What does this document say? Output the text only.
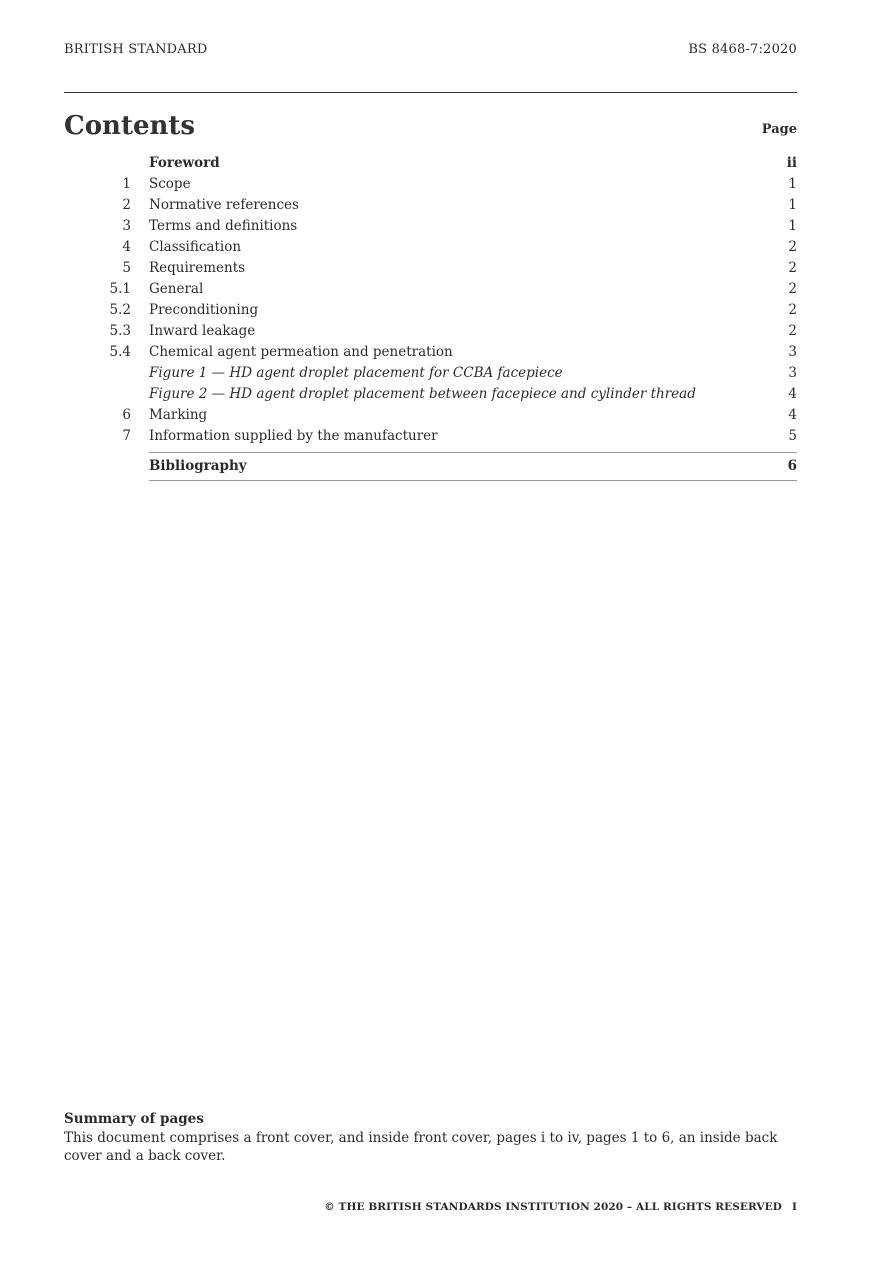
BRITISH STANDARD	BS 8468-7:2020
Contents	Page
Foreword	ii
1 Scope	1
2 Normative references	1
3 Terms and definitions	1
4 Classification	2
5 Requirements	2
5.1 General	2
5.2 Preconditioning	2
5.3 Inward leakage	2
5.4 Chemical agent permeation and penetration	3
Figure 1 — HD agent droplet placement for CCBA facepiece	3
Figure 2 — HD agent droplet placement between facepiece and cylinder thread	4
6 Marking	4
7 Information supplied by the manufacturer	5
Bibliography	6
Summary of pages
This document comprises a front cover, and inside front cover, pages i to iv, pages 1 to 6, an inside back cover and a back cover.
© THE BRITISH STANDARDS INSTITUTION 2020 – ALL RIGHTS RESERVED I
